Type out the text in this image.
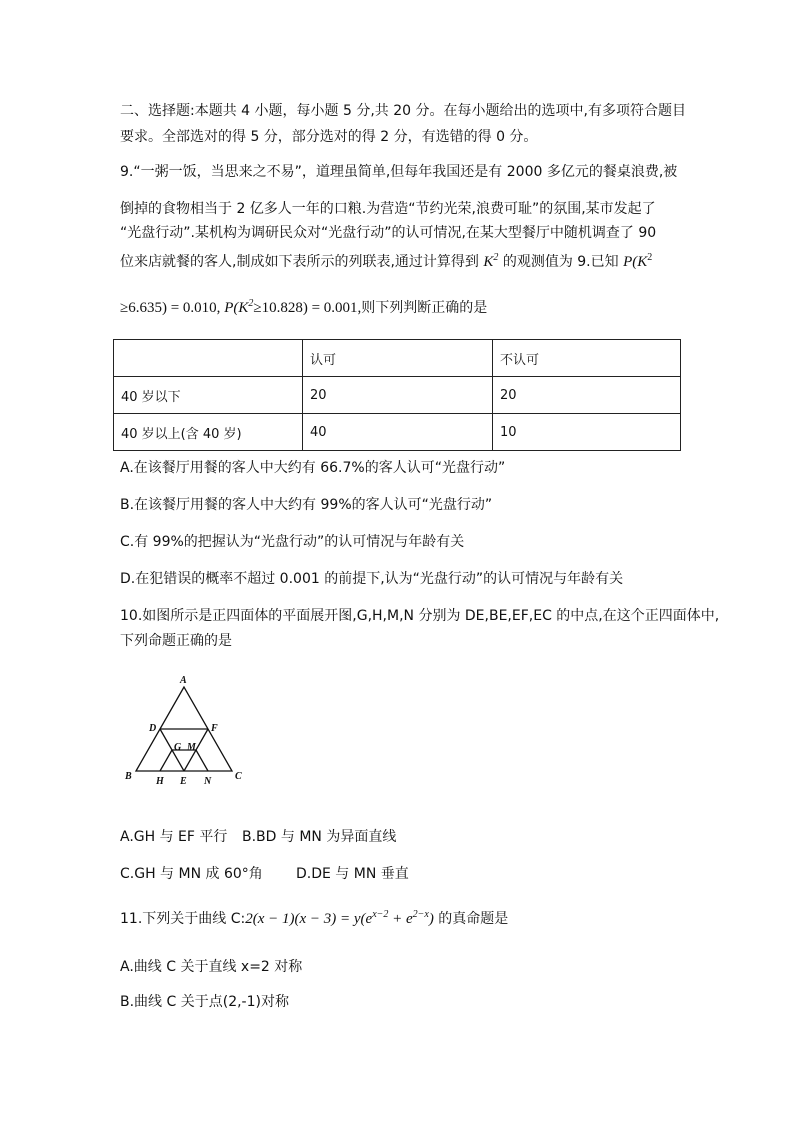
二、选择题:本题共 4 小题，每小题 5 分,共 20 分。在每小题给出的选项中,有多项符合题目
要求。全部选对的得 5 分，部分选对的得 2 分，有选错的得 0 分。
9.“一粥一饭，当思来之不易”，道理虽简单,但每年我国还是有 2000 多亿元的餐桌浪费,被
倒掉的食物相当于 2 亿多人一年的口粮.为营造“节约光荣,浪费可耻”的氛围,某市发起了
“光盘行动”.某机构为调研民众对“光盘行动”的认可情况,在某大型餐厅中随机调查了 90
位来店就餐的客人,制成如下表所示的列联表,通过计算得到 $K^2$ 的观测值为 9.已知 $P(K^2$
≥6.635) = 0.010, $P(K^2\ge 10.828) = 0.001$,则下列判断正确的是
	认可	不认可
40 岁以下	20	20
40 岁以上(含 40 岁)	40	10
A.在该餐厅用餐的客人中大约有 66.7%的客人认可“光盘行动”
B.在该餐厅用餐的客人中大约有 99%的客人认可“光盘行动”
C.有 99%的把握认为“光盘行动”的认可情况与年龄有关
D.在犯错误的概率不超过 0.001 的前提下,认为“光盘行动”的认可情况与年龄有关
10.如图所示是正四面体的平面展开图,G,H,M,N 分别为 DE,BE,EF,EC 的中点,在这个正四面体中,
下列命题正确的是
A
D	F
G M
B	C
H E N
A.GH 与 EF 平行 B.BD 与 MN 为异面直线
C.GH 与 MN 成 60°角 D.DE 与 MN 垂直
11.下列关于曲线 C:2(x − $1)(x - 3) = y(e^{x-2} + e^{2-x})$ 的真命题是
A.曲线 C 关于直线 x=2 对称
B.曲线 C 关于点(2,-1)对称
